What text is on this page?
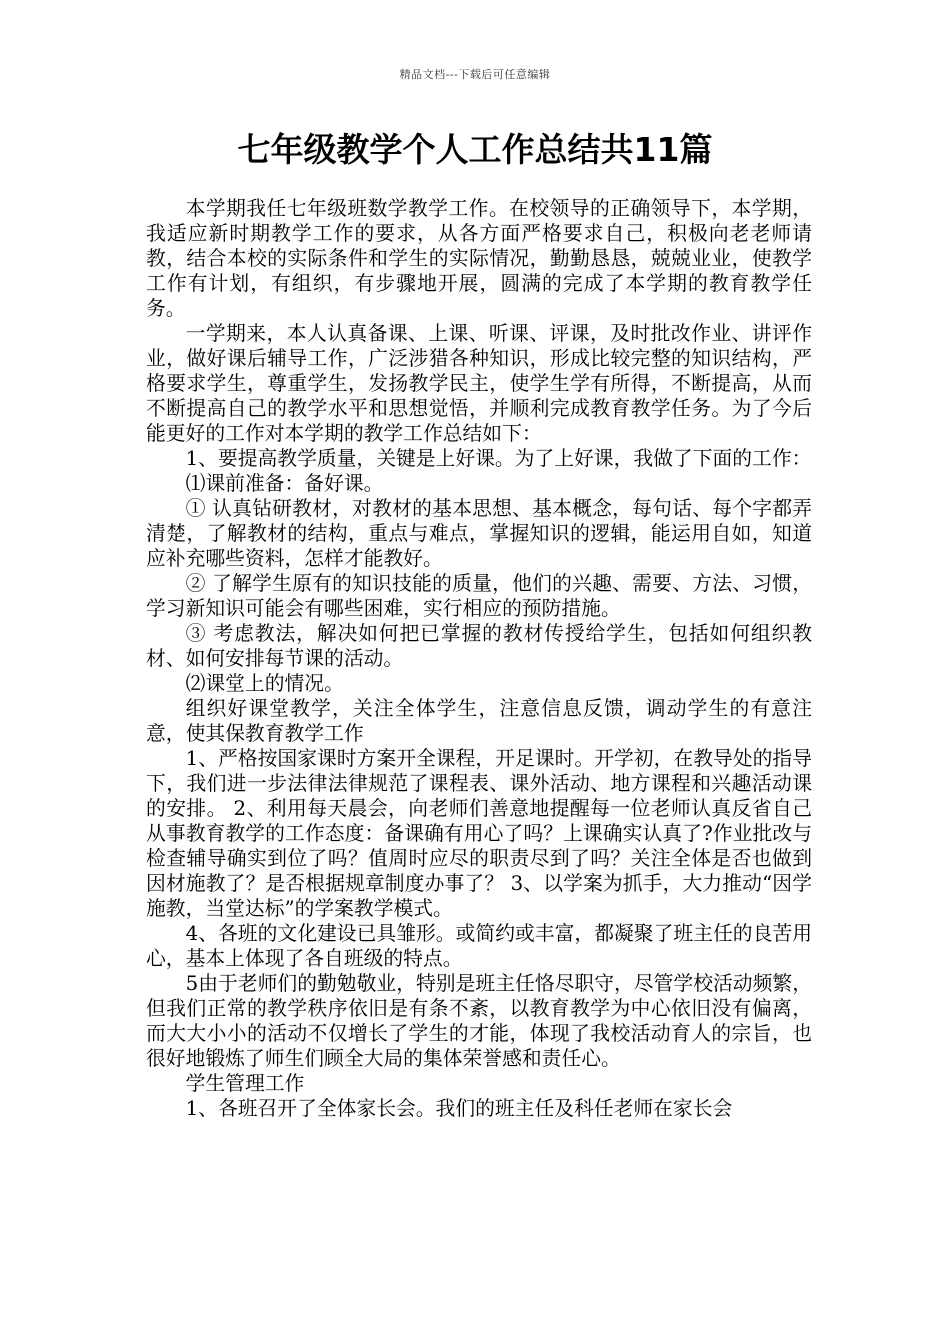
精品文档---下载后可任意编辑
七年级教学个人工作总结共11篇

本学期我任七年级班数学教学工作。在校领导的正确领导下，本学期，我适应新时期教学工作的要求，从各方面严格要求自己，积极向老老师请教，结合本校的实际条件和学生的实际情况，勤勤恳恳，兢兢业业，使教学工作有计划，有组织，有步骤地开展，圆满的完成了本学期的教育教学任务。

一学期来，本人认真备课、上课、听课、评课，及时批改作业、讲评作业，做好课后辅导工作，广泛涉猎各种知识，形成比较完整的知识结构，严格要求学生，尊重学生，发扬教学民主，使学生学有所得，不断提高，从而不断提高自己的教学水平和思想觉悟，并顺利完成教育教学任务。为了今后能更好的工作对本学期的教学工作总结如下：

1、要提高教学质量，关键是上好课。为了上好课，我做了下面的工作：

⑴课前准备：备好课。

① 认真钻研教材，对教材的基本思想、基本概念，每句话、每个字都弄清楚，了解教材的结构，重点与难点，掌握知识的逻辑，能运用自如，知道应补充哪些资料，怎样才能教好。

② 了解学生原有的知识技能的质量，他们的兴趣、需要、方法、习惯，学习新知识可能会有哪些困难，实行相应的预防措施。

③ 考虑教法，解决如何把已掌握的教材传授给学生，包括如何组织教材、如何安排每节课的活动。

⑵课堂上的情况。

组织好课堂教学，关注全体学生，注意信息反馈，调动学生的有意注意，使其保教育教学工作

1、严格按国家课时方案开全课程，开足课时。开学初，在教导处的指导下，我们进一步法律法律规范了课程表、课外活动、地方课程和兴趣活动课的安排。 2、利用每天晨会，向老师们善意地提醒每一位老师认真反省自己从事教育教学的工作态度：备课确有用心了吗？上课确实认真了?作业批改与检查辅导确实到位了吗？值周时应尽的职责尽到了吗？关注全体是否也做到因材施教了？是否根据规章制度办事了？ 3、以学案为抓手，大力推动“因学施教，当堂达标”的学案教学模式。

4、各班的文化建设已具雏形。或简约或丰富，都凝聚了班主任的良苦用心，基本上体现了各自班级的特点。

5由于老师们的勤勉敬业，特别是班主任恪尽职守，尽管学校活动频繁，但我们正常的教学秩序依旧是有条不紊，以教育教学为中心依旧没有偏离，而大大小小的活动不仅增长了学生的才能，体现了我校活动育人的宗旨，也很好地锻炼了师生们顾全大局的集体荣誉感和责任心。

学生管理工作

1、各班召开了全体家长会。我们的班主任及科任老师在家长会
